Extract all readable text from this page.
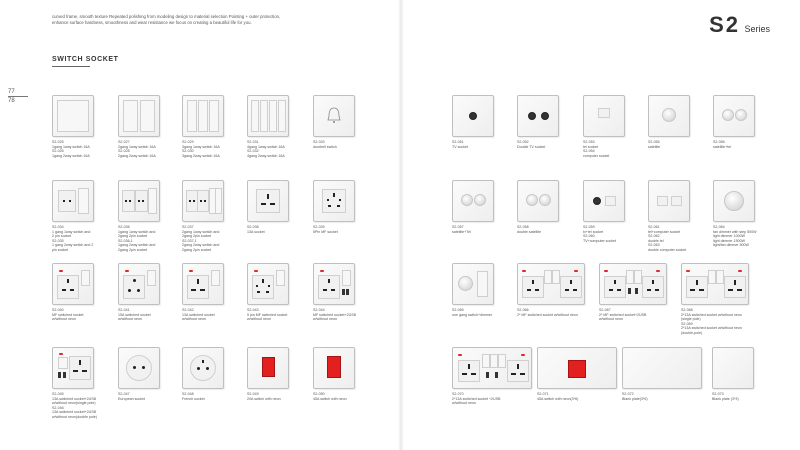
curved frame, smooth texture Repeated polishing from modeling design to material selection Pointing + outer protection, enhance surface hardness, smoothness and wear resistance we focus on creating a beautiful life for you.	S2 Series
SWITCH SOCKET
77
78
S2-025
1gang 1way switch 16A
S2-026
1gang 2way switch 16A
S2-027
2gang 1way switch 16A
S2-028
2gang 2way switch 16A
S2-029
3gang 1way switch 16A
S2-030
3gang 2way switch 16A
S2-031
4gang 1way switch 16A
S2-032
4gang 2way switch 16A
S2-033
doorbell switch
S2-034
1 gang 1way switch and
2 pin socket
S2-035
1 gang 2way switch and 2
pin socket
S2-036
1gang 1way switch and
2gang 2pin socket
S2-036-1
1gang 2way switch and
2gang 2pin socket
S2-037
2gang 1way switch and
2gang 2pin socket
S2-037-1
2gang 2way switch and
2gang 2pin socket
S2-038
13A socket
S2-039
5Pin MF socket
S2-040
MF switched socket
w/without neon
S2-041
15A switched socket
w/without neon
S2-042
13A switched socket
w/without neon
S2-043
5 pin MF switched socket
w/without neon
S2-044
MF switched socket+2USB
w/without neon
S2-045
13A switched socket+2USB
w/without neon(single pole)
S2-046
13A switched socket+2USB
w/without neon(double pole)
S2-047
European socket
S2-048
French socket
S2-049
20A switch with neon
S2-050
45A switch with neon
S2-051
TV socket
S2-052
Double TV socket
S2-053
tel socket
S2-054
computer socket
S2-055
satellite
S2-056
satellite+tel
S2-057
satellite+Tel
S2-058
double satellite
S2-059
tv+tel socket
S2-060
TV+computer socket
S2-061
tel+computer socket
S2-062
double tel
S2-063
double computer socket
S2-064
fan dimmer with step 500W
light dimmer 1000W
light dimmer 1500W
light/fan dimmer 500W
S2-065
one gang switch+dimmer
S2-066
2* MF switched socket w/without neon
S2-067
2* MF switched socket+2USB
w/without neon
S2-068
2*13A switched socket w/without neon
(single pole)
S2-069
2*13A switched socket w/without neon
(double-pole)
S2-070
2*13A switched socket +2USB
w/without neon
S2-071
45A switch with neon(3*6)
S2-072
Blank plate(3*6)
S2-073
Blank plate (3*3)
